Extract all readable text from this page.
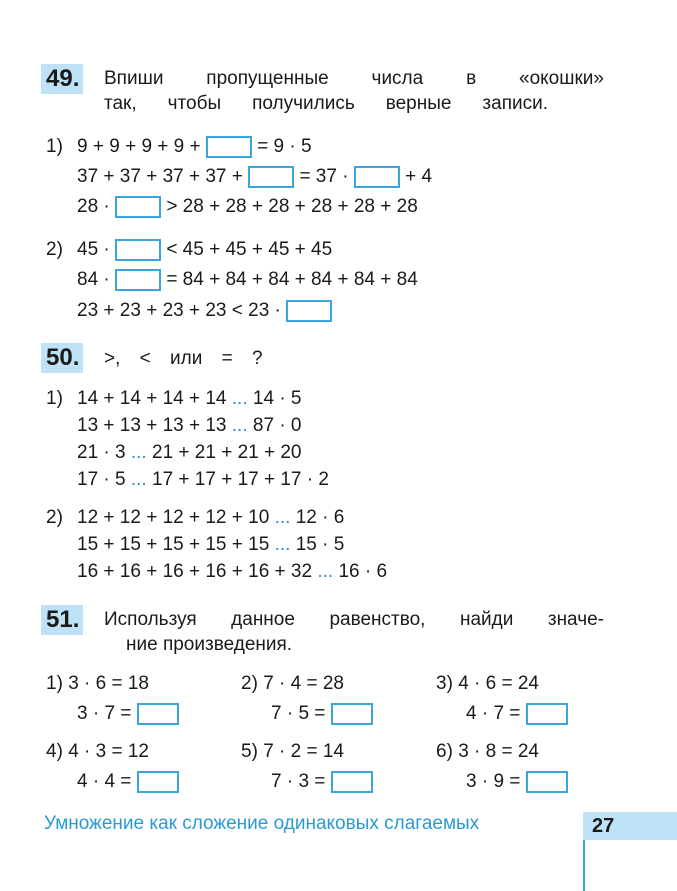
49. Впиши пропущенные числа в «окошки»
так, чтобы получились верные записи.
1) 9 + 9 + 9 + 9 +	= 9 · 5
37 + 37 + 37 + 37 +	= 37 ·	+ 4
28 ·	> 28 + 28 + 28 + 28 + 28 + 28
2) 45 ·	< 45 + 45 + 45 + 45
84 ·	= 84 + 84 + 84 + 84 + 84 + 84
23 + 23 + 23 + 23 < 23 ·
50. >, < или = ?
1) 14 + 14 + 14 + 14 ... 14 · 5
13 + 13 + 13 + 13 ... 87 · 0
21 · 3 ... 21 + 21 + 21 + 20
17 · 5 ... 17 + 17 + 17 + 17 · 2
2) 12 + 12 + 12 + 12 + 10 ... 12 · 6
15 + 15 + 15 + 15 + 15 ... 15 · 5
16 + 16 + 16 + 16 + 16 + 32 ... 16 · 6
51. Используя данное равенство, найди значе-
ние произведения.
1) 3 · 6 = 18
3 · 7 =
2) 7 · 4 = 28
7 · 5 =
3) 4 · 6 = 24
4 · 7 =
4) 4 · 3 = 12
4 · 4 =
5) 7 · 2 = 14
7 · 3 =
6) 3 · 8 = 24
3 · 9 =
Умножение как сложение одинаковых слагаемых	27
